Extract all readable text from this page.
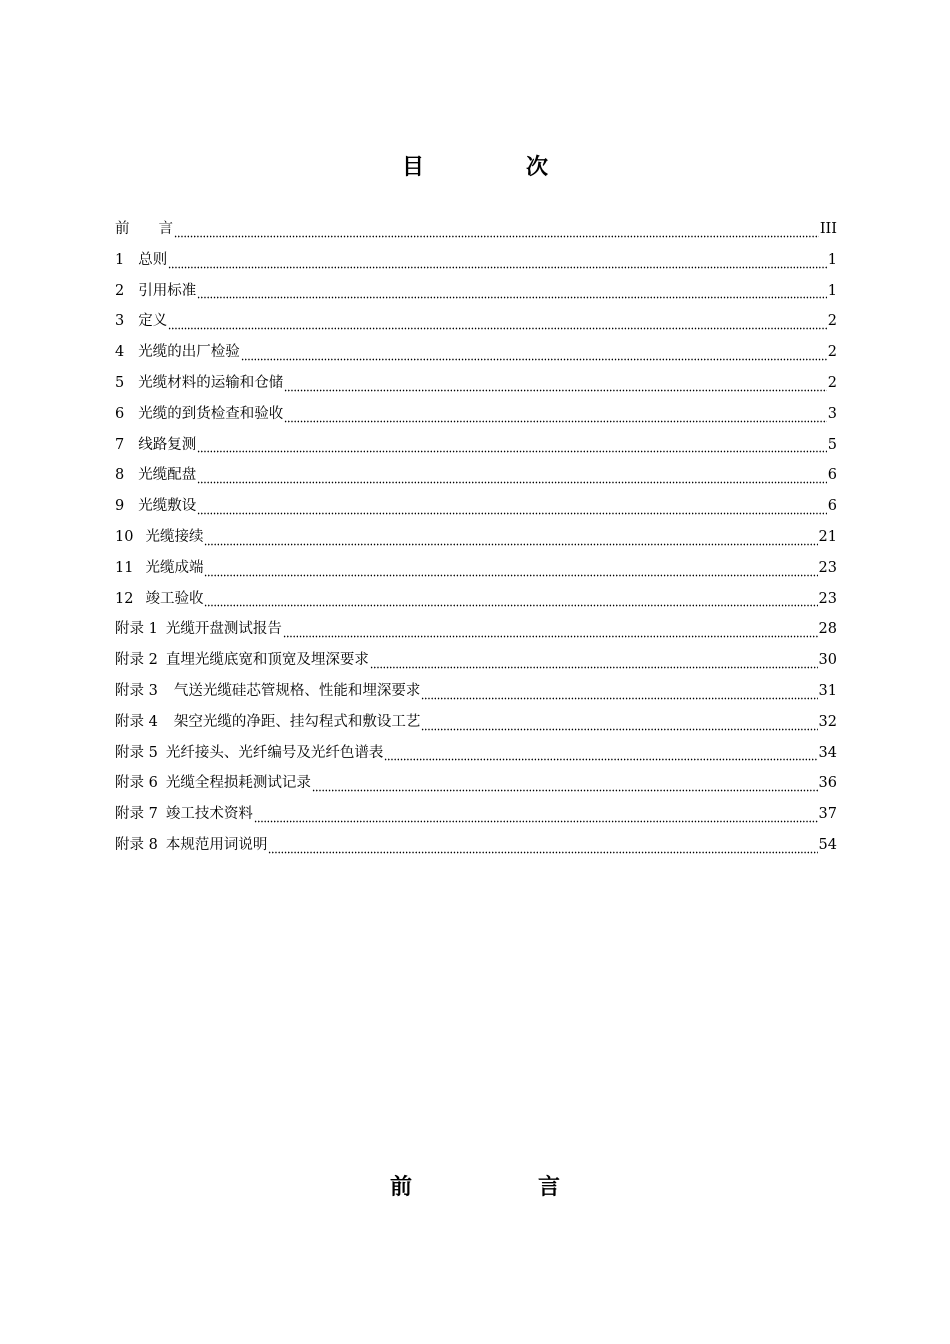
目　次
前　　言	III
1 总则	1
2 引用标准	1
3 定义	2
4 光缆的出厂检验	2
5 光缆材料的运输和仓储	2
6 光缆的到货检查和验收	3
7 线路复测	5
8 光缆配盘	6
9 光缆敷设	6
10 光缆接续	21
11 光缆成端	23
12 竣工验收	23
附录 1 光缆开盘测试报告	28
附录 2 直埋光缆底宽和顶宽及埋深要求	30
附录 3 气送光缆硅芯管规格、性能和埋深要求	31
附录 4 架空光缆的净距、挂勾程式和敷设工艺	32
附录 5 光纤接头、光纤编号及光纤色谱表	34
附录 6 光缆全程损耗测试记录	36
附录 7 竣工技术资料	37
附录 8 本规范用词说明	54
前　言
